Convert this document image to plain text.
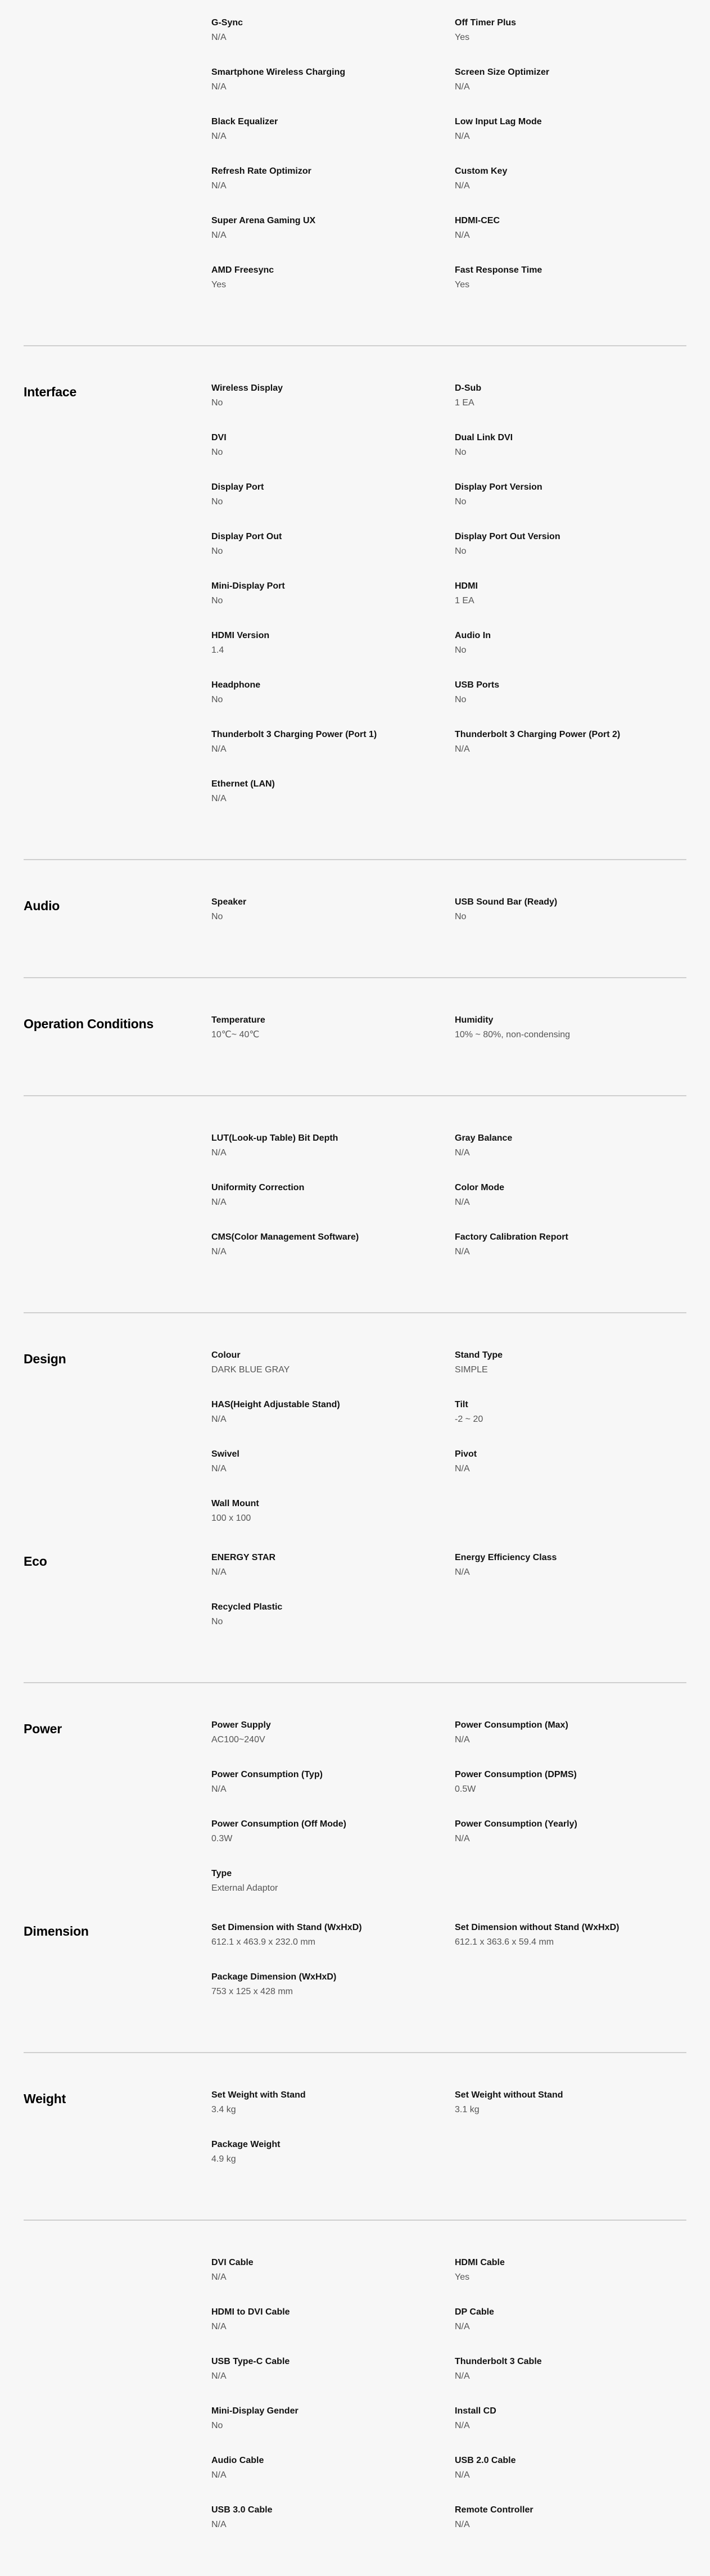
G-Sync
N/A
Off Timer Plus
Yes
Smartphone Wireless Charging
N/A
Screen Size Optimizer
N/A
Black Equalizer
N/A
Low Input Lag Mode
N/A
Refresh Rate Optimizor
N/A
Custom Key
N/A
Super Arena Gaming UX
N/A
HDMI-CEC
N/A
AMD Freesync
Yes
Fast Response Time
Yes
Interface	Wireless Display
No
D-Sub
1 EA
DVI
No
Dual Link DVI
No
Display Port
No
Display Port Version
No
Display Port Out
No
Display Port Out Version
No
Mini-Display Port
No
HDMI
1 EA
HDMI Version
1.4
Audio In
No
Headphone
No
USB Ports
No
Thunderbolt 3 Charging Power (Port 1)
N/A
Thunderbolt 3 Charging Power (Port 2)
N/A
Ethernet (LAN)
N/A
Audio	Speaker
No
USB Sound Bar (Ready)
No
Operation Conditions	Temperature
10℃~ 40℃
Humidity
10% ~ 80%, non-condensing
LUT(Look-up Table) Bit Depth
N/A
Gray Balance
N/A
Uniformity Correction
N/A
Color Mode
N/A
CMS(Color Management Software)
N/A
Factory Calibration Report
N/A
Design	Colour
DARK BLUE GRAY
Stand Type
SIMPLE
HAS(Height Adjustable Stand)
N/A
Tilt
-2 ~ 20
Swivel
N/A
Pivot
N/A
Wall Mount
100 x 100
Eco	ENERGY STAR
N/A
Energy Efficiency Class
N/A
Recycled Plastic
No
Power	Power Supply
AC100~240V
Power Consumption (Max)
N/A
Power Consumption (Typ)
N/A
Power Consumption (DPMS)
0.5W
Power Consumption (Off Mode)
0.3W
Power Consumption (Yearly)
N/A
Type
External Adaptor
Dimension	Set Dimension with Stand (WxHxD)
612.1 x 463.9 x 232.0 mm
Set Dimension without Stand (WxHxD)
612.1 x 363.6 x 59.4 mm
Package Dimension (WxHxD)
753 x 125 x 428 mm
Weight	Set Weight with Stand
3.4 kg
Set Weight without Stand
3.1 kg
Package Weight
4.9 kg
DVI Cable
N/A
HDMI Cable
Yes
HDMI to DVI Cable
N/A
DP Cable
N/A
USB Type-C Cable
N/A
Thunderbolt 3 Cable
N/A
Mini-Display Gender
No
Install CD
N/A
Audio Cable
N/A
USB 2.0 Cable
N/A
USB 3.0 Cable
N/A
Remote Controller
N/A
